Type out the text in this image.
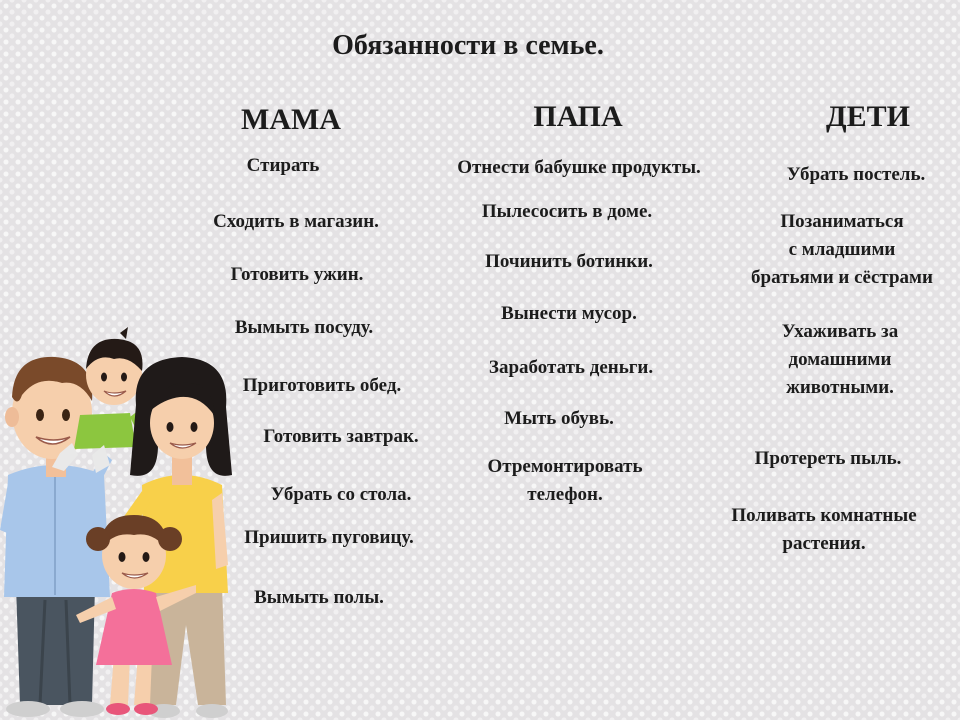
Обязанности в семье.
МАМА	ПАПА	ДЕТИ
Стирать
Сходить в магазин.
Готовить ужин.
Вымыть посуду.
Приготовить обед.
Готовить завтрак.
Убрать со стола.
Пришить пуговицу.
Вымыть полы.
Отнести бабушке продукты.
Пылесосить в доме.
Починить ботинки.
Вынести мусор.
Заработать деньги.
Мыть обувь.
Отремонтировать
телефон.
Убрать постель.
Позаниматься
с младшими
братьями и сёстрами
Ухаживать за
домашними
животными.
Протереть пыль.
Поливать комнатные
растения.
